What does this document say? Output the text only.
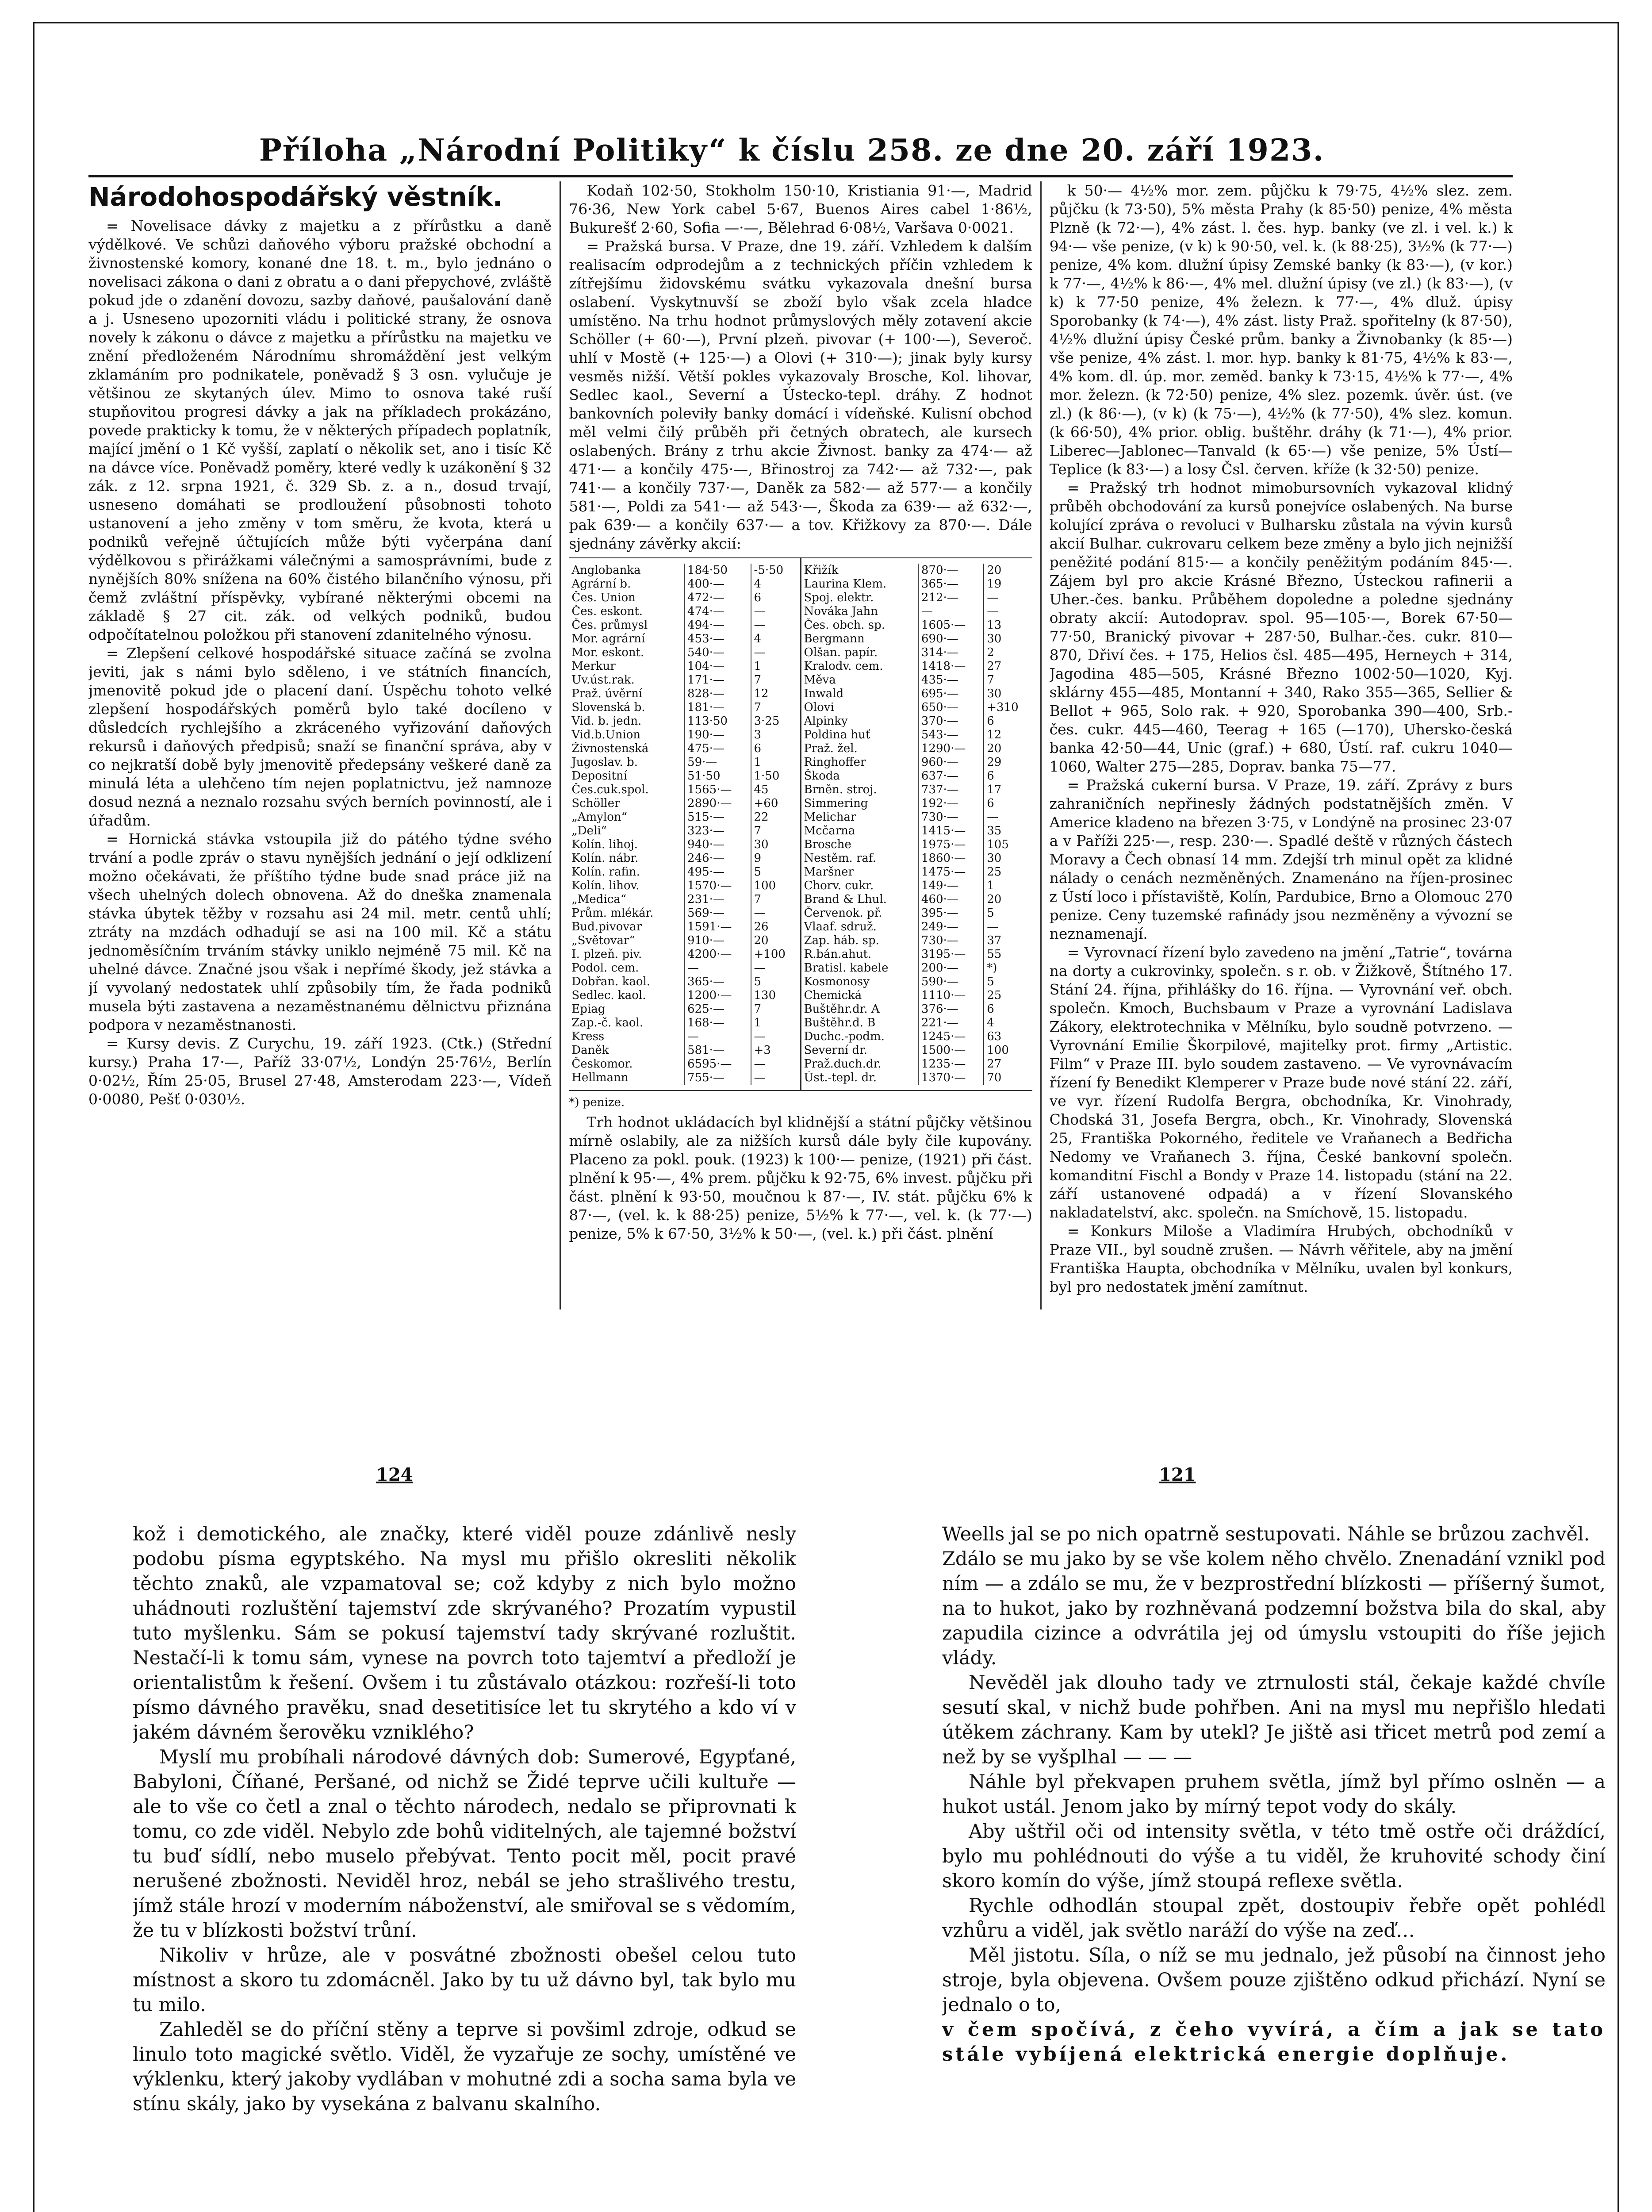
Příloha „Národní Politiky“ k číslu 258. ze dne 20. září 1923.
Národohospodářský věstník.

= Novelisace dávky z majetku a z přírůstku a daně výdělkové. Ve schůzi daňového výboru pražské obchodní a živnostenské komory, konané dne 18. t. m., bylo jednáno o novelisaci zákona o dani z obratu a o dani přepychové, zvláště pokud jde o zdanění dovozu, sazby daňové, paušalování daně a j. Usneseno upozorniti vládu i politické strany, že osnova novely k zákonu o dávce z majetku a přírůstku na majetku ve znění předloženém Národnímu shromáždění jest velkým zklamáním pro podnikatele, poněvadž § 3 osn. vylučuje je většinou ze skytaných úlev. Mimo to osnova také ruší stupňovitou progresi dávky a jak na příkladech prokázáno, povede prakticky k tomu, že v některých případech poplatník, mající jmění o 1 Kč vyšší, zaplatí o několik set, ano i tisíc Kč na dávce více. Poněvadž poměry, které vedly k uzákonění § 32 zák. z 12. srpna 1921, č. 329 Sb. z. a n., dosud trvají, usneseno domáhati se prodloužení působnosti tohoto ustanovení a jeho změny v tom směru, že kvota, která u podniků veřejně účtujících může býti vyčerpána daní výdělkovou s přirážkami válečnými a samosprávními, bude z nynějších 80% snížena na 60% čistého bilančního výnosu, při čemž zvláštní příspěvky, vybírané některými obcemi na základě § 27 cit. zák. od velkých podniků, budou odpočítatelnou položkou při stanovení zdanitelného výnosu.

= Zlepšení celkové hospodářské situace začíná se zvolna jeviti, jak s námi bylo sděleno, i ve státních financích, jmenovitě pokud jde o placení daní. Úspěchu tohoto velké zlepšení hospodářských poměrů bylo také docíleno v důsledcích rychlejšího a zkráceného vyřizování daňových rekursů i daňových předpisů; snaží se finanční správa, aby v co nejkratší době byly jmenovitě předepsány veškeré daně za minulá léta a ulehčeno tím nejen poplatnictvu, jež namnoze dosud nezná a neznalo rozsahu svých berních povinností, ale i úřadům.

= Hornická stávka vstoupila již do pátého týdne svého trvání a podle zpráv o stavu nynějších jednání o její odklizení možno očekávati, že příštího týdne bude snad práce již na všech uhelných dolech obnovena. Až do dneška znamenala stávka úbytek těžby v rozsahu asi 24 mil. metr. centů uhlí; ztráty na mzdách odhadují se asi na 100 mil. Kč a státu jednoměsíčním trváním stávky uniklo nejméně 75 mil. Kč na uhelné dávce. Značné jsou však i nepřímé škody, jež stávka a jí vyvolaný nedostatek uhlí způsobily tím, že řada podniků musela býti zastavena a nezaměstnanému dělnictvu přiznána podpora v nezaměstnanosti.

= Kursy devis. Z Curychu, 19. září 1923. (Ctk.) (Střední kursy.) Praha 17·—, Paříž 33·07½, Londýn 25·76½, Berlín 0·02½, Řím 25·05, Brusel 27·48, Amsterodam 223·—, Vídeň 0·0080, Pešť 0·030½.

Kodaň 102·50, Stokholm 150·10, Kristiania 91·—, Madrid 76·36, New York cabel 5·67, Buenos Aires cabel 1·86½, Bukurešť 2·60, Sofia —·—, Bělehrad 6·08½, Varšava 0·0021.

= Pražská bursa. V Praze, dne 19. září. Vzhledem k dalším realisacím odprodejům a z technických příčin vzhledem k zítřejšímu židovskému svátku vykazovala dnešní bursa oslabení. Vyskytnuvší se zboží bylo však zcela hladce umístěno. Na trhu hodnot průmyslových měly zotavení akcie Schöller (+ 60·—), První plzeň. pivovar (+ 100·—), Severoč. uhlí v Mostě (+ 125·—) a Olovi (+ 310·—); jinak byly kursy vesměs nižší. Větší pokles vykazovaly Brosche, Kol. lihovar, Sedlec kaol., Severní a Ústecko-tepl. dráhy. Z hodnot bankovních poleviły banky domácí i vídeňské. Kulisní obchod měl velmi čilý průběh při četných obratech, ale kursech oslabených. Brány z trhu akcie Živnost. banky za 474·— až 471·— a končily 475·—, Břinostroj za 742·— až 732·—, pak 741·— a končily 737·—, Daněk za 582·— až 577·— a končily 581·—, Poldi za 541·— až 543·—, Škoda za 639·— až 632·—, pak 639·— a končily 637·— a tov. Křižkovy za 870·—. Dále sjednány závěrky akcií:

Anglobanka	184·50	-5·50
Agrární b.	400·—	4
Čes. Union	472·—	6
Čes. eskont.	474·—	—
Čes. průmysl	494·—	—
Mor. agrární	453·—	4
Mor. eskont.	540·—	—
Merkur	104·—	1
Uv.úst.rak.	171·—	7
Praž. úvěrní	828·—	12
Slovenská b.	181·—	7
Vid. b. jedn.	113·50	3·25
Vid.b.Union	190·—	3
Živnostenská	475·—	6
Jugoslav. b.	59·—	1
Depositní	51·50	1·50
Čes.cuk.spol.	1565·—	45
Schöller	2890·—	+60
„Amylon“	515·—	22
„Deli“	323·—	7
Kolín. lihoj.	940·—	30
Kolín. nábr.	246·—	9
Kolín. rafin.	495·—	5
Kolín. lihov.	1570·—	100
„Medica“	231·—	7
Prům. mlékár.	569·—	—
Bud.pivovar	1591·—	26
„Světovar“	910·—	20
I. plzeň. piv.	4200·—	+100
Podol. cem.	—	—
Dobřan. kaol.	365·—	5
Sedlec. kaol.	1200·—	130
Epiag	625·—	7
Zap.-č. kaol.	168·—	1
Kress	—	—
Daněk	581·—	+3
Českomor.	6595·—	—
Hellmann	755·—	—
Křižík	870·—	20
Laurina Klem.	365·—	19
Spoj. elektr.	212·—	—
Nováka Jahn	—	—
Čes. obch. sp.	1605·—	13
Bergmann	690·—	30
Olšan. papír.	314·—	2
Kralodv. cem.	1418·—	27
Měva	435·—	7
Inwald	695·—	30
Olovi	650·—	+310
Alpinky	370·—	6
Poldina huť	543·—	12
Praž. žel.	1290·—	20
Ringhoffer	960·—	29
Škoda	637·—	6
Brněn. stroj.	737·—	17
Simmering	192·—	6
Melichar	730·—	—
Mcčarna	1415·—	35
Brosche	1975·—	105
Nestěm. raf.	1860·—	30
Maršner	1475·—	25
Chorv. cukr.	149·—	1
Brand & Lhul.	460·—	20
Červenok. př.	395·—	5
Vlaaf. sdruž.	249·—	—
Zap. háb. sp.	730·—	37
R.bán.ahut.	3195·—	55
Bratisl. kabele	200·—	*)
Kosmonosy	590·—	5
Chemická	1110·—	25
Buštěhr.dr. A	376·—	6
Buštěhr.d. B	221·—	4
Duchc.-podm.	1245·—	63
Severní dr.	1500·—	100
Praž.duch.dr.	1235·—	27
Úst.-tepl. dr.	1370·—	70
*) penize.

Trh hodnot ukládacích byl klidnější a státní půjčky většinou mírně oslabily, ale za nižších kursů dále byly čile kupovány. Placeno za pokl. pouk. (1923) k 100·— penize, (1921) při část. plnění k 95·—, 4% prem. půjčku k 92·75, 6% invest. půjčku při část. plnění k 93·50, moučnou k 87·—, IV. stát. půjčku 6% k 87·—, (vel. k. k 88·25) penize, 5½% k 77·—, vel. k. (k 77·—) penize, 5% k 67·50, 3½% k 50·—, (vel. k.) při část. plnění

k 50·— 4½% mor. zem. půjčku k 79·75, 4½% slez. zem. půjčku (k 73·50), 5% města Prahy (k 85·50) penize, 4% města Plzně (k 72·—), 4% zást. l. čes. hyp. banky (ve zl. i vel. k.) k 94·— vše penize, (v k) k 90·50, vel. k. (k 88·25), 3½% (k 77·—) penize, 4% kom. dlužní úpisy Zemské banky (k 83·—), (v kor.) k 77·—, 4½% k 86·—, 4% mel. dlužní úpisy (ve zl.) (k 83·—), (v k) k 77·50 penize, 4% železn. k 77·—, 4% dluž. úpisy Sporobanky (k 74·—), 4% zást. listy Praž. spořitelny (k 87·50), 4½% dlužní úpisy České prům. banky a Živnobanky (k 85·—) vše penize, 4% zást. l. mor. hyp. banky k 81·75, 4½% k 83·—, 4% kom. dl. úp. mor. zeměd. banky k 73·15, 4½% k 77·—, 4% mor. železn. (k 72·50) penize, 4% slez. pozemk. úvěr. úst. (ve zl.) (k 86·—), (v k) (k 75·—), 4½% (k 77·50), 4% slez. komun. (k 66·50), 4% prior. oblig. buštěhr. dráhy (k 71·—), 4% prior. Liberec—Jablonec—Tanvald (k 65·—) vše penize, 5% Ústí—Teplice (k 83·—) a losy Čsl. červen. kříže (k 32·50) penize.

= Pražský trh hodnot mimobursovních vykazoval klidný průběh obchodování za kursů ponejvíce oslabených. Na burse kolující zpráva o revoluci v Bulharsku zůstala na vývin kursů akcií Bulhar. cukrovaru celkem beze změny a bylo jich nejnižší peněžité podání 815·— a končily peněžitým podáním 845·—. Zájem byl pro akcie Krásné Březno, Ústeckou rafinerii a Uher.-čes. banku. Průběhem dopoledne a poledne sjednány obraty akcií: Autodoprav. spol. 95—105·—, Borek 67·50—77·50, Branický pivovar + 287·50, Bulhar.-čes. cukr. 810—870, Dřiví čes. + 175, Helios čsl. 485—495, Herneych + 314, Jagodina 485—505, Krásné Březno 1002·50—1020, Kyj. sklárny 455—485, Montanní + 340, Rako 355—365, Sellier & Bellot + 965, Solo rak. + 920, Sporobanka 390—400, Srb.-čes. cukr. 445—460, Teerag + 165 (—170), Uhersko-česká banka 42·50—44, Unic (graf.) + 680, Ústí. raf. cukru 1040—1060, Walter 275—285, Doprav. banka 75—77.

= Pražská cukerní bursa. V Praze, 19. září. Zprávy z burs zahraničních nepřinesly žádných podstatnějších změn. V Americe kladeno na březen 3·75, v Londýně na prosinec 23·07 a v Paříži 225·—, resp. 230·—. Spadlé deště v různých částech Moravy a Čech obnasí 14 mm. Zdejší trh minul opět za klidné nálady o cenách nezměněných. Znamenáno na říjen-prosinec z Ústí loco i přístaviště, Kolín, Pardubice, Brno a Olomouc 270 penize. Ceny tuzemské rafinády jsou nezměněny a vývozní se neznamenají.

= Vyrovnací řízení bylo zavedeno na jmění „Tatrie“, továrna na dorty a cukrovinky, společn. s r. ob. v Žižkově, Štítného 17. Stání 24. října, přihlášky do 16. října. — Vyrovnání veř. obch. společn. Kmoch, Buchsbaum v Praze a vyrovnání Ladislava Zákory, elektrotechnika v Mělníku, bylo soudně potvrzeno. — Vyrovnání Emilie Škorpilové, majitelky prot. firmy „Artistic. Film“ v Praze III. bylo soudem zastaveno. — Ve vyrovnávacím řízení fy Benedikt Klemperer v Praze bude nové stání 22. září, ve vyr. řízení Rudolfa Bergra, obchodníka, Kr. Vinohrady, Chodská 31, Josefa Bergra, obch., Kr. Vinohrady, Slovenská 25, Františka Pokorného, ředitele ve Vraňanech a Bedřicha Nedomy ve Vraňanech 3. října, České bankovní společn. komanditní Fischl a Bondy v Praze 14. listopadu (stání na 22. září ustanovené odpadá) a v řízení Slovanského nakladatelství, akc. společn. na Smíchově, 15. listopadu.

= Konkurs Miloše a Vladimíra Hrubých, obchodníků v Praze VII., byl soudně zrušen. — Návrh věřitele, aby na jmění Františka Haupta, obchodníka v Mělníku, uvalen byl konkurs, byl pro nedostatek jmění zamítnut.

124	121

kož i demotického, ale značky, které viděl pouze zdánlivě nesly podobu písma egyptského. Na mysl mu přišlo okresliti několik těchto znaků, ale vzpamatoval se; což kdyby z nich bylo možno uhádnouti rozluštění tajemství zde skrývaného? Prozatím vypustil tuto myšlenku. Sám se pokusí tajemství tady skrývané rozluštit. Nestačí-li k tomu sám, vynese na povrch toto tajemtví a předloží je orientalistům k řešení. Ovšem i tu zůstávalo otázkou: rozřeší-li toto písmo dávného pravěku, snad desetitisíce let tu skrytého a kdo ví v jakém dávném šerověku vzniklého?

Myslí mu probíhali národové dávných dob: Sumerové, Egypťané, Babyloni, Číňané, Peršané, od nichž se Židé teprve učili kultuře — ale to vše co četl a znal o těchto národech, nedalo se připrovnati k tomu, co zde viděl. Nebylo zde bohů viditelných, ale tajemné božství tu buď sídlí, nebo muselo přebývat. Tento pocit měl, pocit pravé nerušené zbožnosti. Neviděl hroz, nebál se jeho strašlivého trestu, jímž stále hrozí v moderním náboženství, ale smiřoval se s vědomím, že tu v blízkosti božství trůní.

Nikoliv v hrůze, ale v posvátné zbožnosti obešel celou tuto místnost a skoro tu zdomácněl. Jako by tu už dávno byl, tak bylo mu tu milo.

Zahleděl se do příční stěny a teprve si povšiml zdroje, odkud se linulo toto magické světlo. Viděl, že vyzařuje ze sochy, umístěné ve výklenku, který jakoby vydlában v mohutné zdi a socha sama byla ve stínu skály, jako by vysekána z balvanu skalního.

Weells jal se po nich opatrně sestupovati. Náhle se brůzou zachvěl.

Zdálo se mu jako by se vše kolem něho chvělo. Znenadání vznikl pod ním — a zdálo se mu, že v bezprostřední blízkosti — příšerný šumot, na to hukot, jako by rozhněvaná podzemní božstva bila do skal, aby zapudila cizince a odvrátila jej od úmyslu vstoupiti do říše jejich vlády.

Nevěděl jak dlouho tady ve ztrnulosti stál, čekaje každé chvíle sesutí skal, v nichž bude pohřben. Ani na mysl mu nepřišlo hledati útěkem záchrany. Kam by utekl? Je jiště asi třicet metrů pod zemí a než by se vyšplhal — — —

Náhle byl překvapen pruhem světla, jímž byl přímo oslněn — a hukot ustál. Jenom jako by mírný tepot vody do skály.

Aby uštřil oči od intensity světla, v této tmě ostře oči dráždící, bylo mu pohlédnouti do výše a tu viděl, že kruhovité schody činí skoro komín do výše, jímž stoupá reflexe světla.

Rychle odhodlán stoupal zpět, dostoupiv řebře opět pohlédl vzhůru a viděl, jak světlo naráží do výše na zeď…

Měl jistotu. Síla, o níž se mu jednalo, jež působí na činnost jeho stroje, byla objevena. Ovšem pouze zjištěno odkud přichází. Nyní se jednalo o to,

v čem spočívá, z čeho vyvírá, a čím a jak se tato stále vybíjená elektrická energie doplňuje.
